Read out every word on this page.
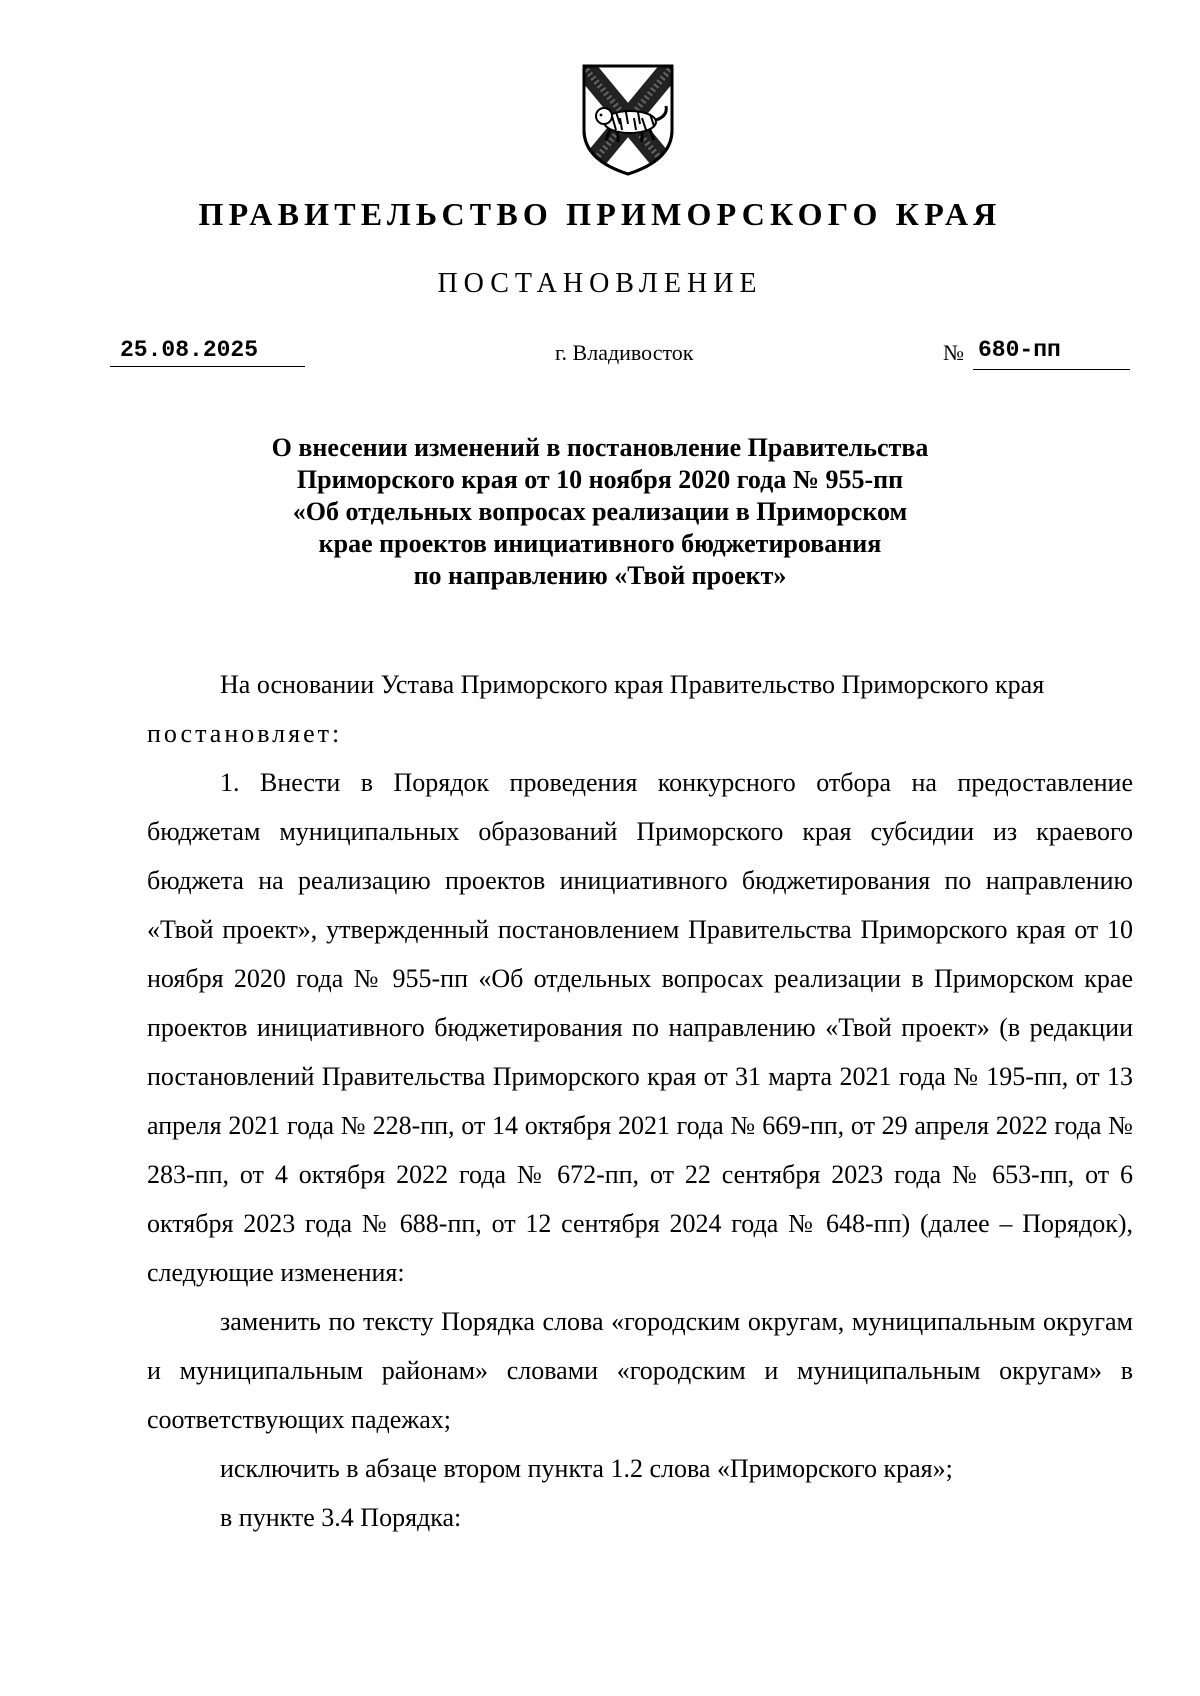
ПРАВИТЕЛЬСТВО ПРИМОРСКОГО КРАЯ
ПОСТАНОВЛЕНИЕ
25.08.2025	г. Владивосток	№ 680-пп
О внесении изменений в постановление Правительства
Приморского края от 10 ноября 2020 года № 955-пп
«Об отдельных вопросах реализации в Приморском
крае проектов инициативного бюджетирования
по направлению «Твой проект»

На основании Устава Приморского края Правительство Приморского края

постановляет:

1. Внести в Порядок проведения конкурсного отбора на предоставление бюджетам муниципальных образований Приморского края субсидии из краевого бюджета на реализацию проектов инициативного бюджетирования по направлению «Твой проект», утвержденный постановлением Правительства Приморского края от 10 ноября 2020 года № 955-пп «Об отдельных вопросах реализации в Приморском крае проектов инициативного бюджетирования по направлению «Твой проект» (в редакции постановлений Правительства Приморского края от 31 марта 2021 года № 195-пп, от 13 апреля 2021 года № 228-пп, от 14 октября 2021 года № 669-пп, от 29 апреля 2022 года № 283-пп, от 4 октября 2022 года № 672-пп, от 22 сентября 2023 года № 653-пп, от 6 октября 2023 года № 688-пп, от 12 сентября 2024 года № 648-пп) (далее – Порядок), следующие изменения:

заменить по тексту Порядка слова «городским округам, муниципальным округам и муниципальным районам» словами «городским и муниципальным округам» в соответствующих падежах;

исключить в абзаце втором пункта 1.2 слова «Приморского края»;

в пункте 3.4 Порядка:
